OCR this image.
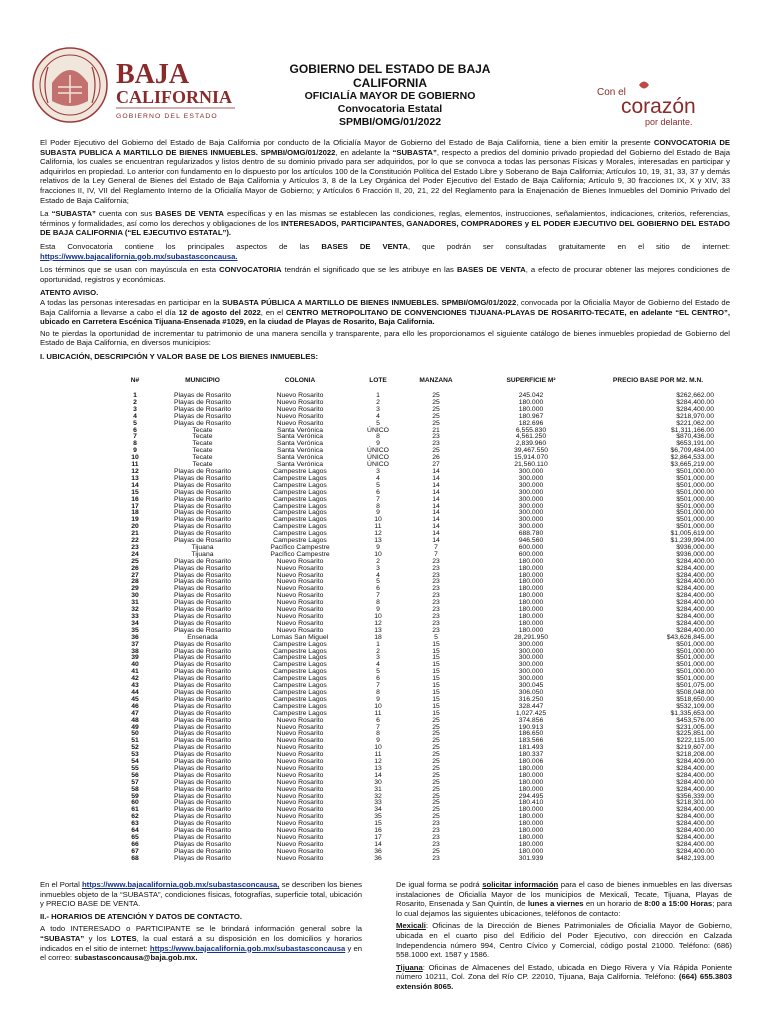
BAJA
CALIFORNIA
GOBIERNO DEL ESTADO
Con el
corazón
por delante.
GOBIERNO DEL ESTADO DE BAJA
CALIFORNIA
OFICIALÍA MAYOR DE GOBIERNO
Convocatoria Estatal
SPMBI/OMG/01/2022

El Poder Ejecutivo del Gobierno del Estado de Baja California por conducto de la Oficialía Mayor de Gobierno del Estado de Baja California, tiene a bien emitir la presente CONVOCATORIA DE SUBASTA PUBLICA A MARTILLO DE BIENES INMUEBLES. SPMBI/OMG/01/2022, en adelante la “SUBASTA”, respecto a predios del dominio privado propiedad del Gobierno del Estado de Baja California, los cuales se encuentran regularizados y listos dentro de su dominio privado para ser adquiridos, por lo que se convoca a todas las personas Físicas y Morales, interesadas en participar y adquirirlos en propiedad. Lo anterior con fundamento en lo dispuesto por los artículos 100 de la Constitución Política del Estado Libre y Soberano de Baja California; Artículos 10, 19, 31, 33, 37 y demás relativos de la Ley General de Bienes del Estado de Baja California y Artículos 3, 8 de la Ley Orgánica del Poder Ejecutivo del Estado de Baja California; Artículo 9, 30 fracciones IX, X y XIV, 33 fracciones II, IV, VII del Reglamento Interno de la Oficialía Mayor de Gobierno; y Artículos 6 Fracción II, 20, 21, 22 del Reglamento para la Enajenación de Bienes Inmuebles del Dominio Privado del Estado de Baja California;

La “SUBASTA” cuenta con sus BASES DE VENTA específicas y en las mismas se establecen las condiciones, reglas, elementos, instrucciones, señalamientos, indicaciones, criterios, referencias, términos y formalidades, así como los derechos y obligaciones de los INTERESADOS, PARTICIPANTES, GANADORES, COMPRADORES y EL PODER EJECUTIVO DEL GOBIERNO DEL ESTADO DE BAJA CALIFORNIA (“EL EJECUTIVO ESTATAL”).

Esta Convocatoria contiene los principales aspectos de las BASES DE VENTA, que podrán ser consultadas gratuitamente en el sitio de internet: https://www.bajacalifornia.gob.mx/subastasconcausa.

Los términos que se usan con mayúscula en esta CONVOCATORIA tendrán el significado que se les atribuye en las BASES DE VENTA, a efecto de procurar obtener las mejores condiciones de oportunidad, registros y económicas.

ATENTO AVISO.
A todas las personas interesadas en participar en la SUBASTA PÚBLICA A MARTILLO DE BIENES INMUEBLES. SPMBI/OMG/01/2022, convocada por la Oficialía Mayor de Gobierno del Estado de Baja California a llevarse a cabo el día 12 de agosto del 2022, en el CENTRO METROPOLITANO DE CONVENCIONES TIJUANA-PLAYAS DE ROSARITO-TECATE, en adelante “EL CENTRO”, ubicado en Carretera Escénica Tijuana-Ensenada #1029, en la ciudad de Playas de Rosarito, Baja California.

No te pierdas la oportunidad de incrementar tu patrimonio de una manera sencilla y transparente, para ello les proporcionamos el siguiente catálogo de bienes inmuebles propiedad de Gobierno del Estado de Baja California, en diversos municipios:

I. UBICACIÓN, DESCRIPCIÓN Y VALOR BASE DE LOS BIENES INMUEBLES:

N#	MUNICIPIO	COLONIA	LOTE	MANZANA	SUPERFICIE M²	PRECIO BASE POR M2. M.N.
1	Playas de Rosarito	Nuevo Rosarito	1	25	245.042	$262,662.00
2	Playas de Rosarito	Nuevo Rosarito	2	25	180.000	$284,400.00
3	Playas de Rosarito	Nuevo Rosarito	3	25	180.000	$284,400.00
4	Playas de Rosarito	Nuevo Rosarito	4	25	180.967	$218,970.00
5	Playas de Rosarito	Nuevo Rosarito	5	25	182.696	$221,062.00
6	Tecate	Santa Verónica	ÚNICO	21	6,555.830	$1,311,166.00
7	Tecate	Santa Verónica	8	23	4,561.250	$870,436.00
8	Tecate	Santa Verónica	9	23	2,839.960	$653,191.00
9	Tecate	Santa Verónica	ÚNICO	25	39,467.550	$6,709,484.00
10	Tecate	Santa Verónica	ÚNICO	26	15,914.070	$2,864,533.00
11	Tecate	Santa Verónica	ÚNICO	27	21,560.110	$3,665,219.00
12	Playas de Rosarito	Campestre Lagos	3	14	300.000	$501,000.00
13	Playas de Rosarito	Campestre Lagos	4	14	300.000	$501,000.00
14	Playas de Rosarito	Campestre Lagos	5	14	300.000	$501,000.00
15	Playas de Rosarito	Campestre Lagos	6	14	300.000	$501,000.00
16	Playas de Rosarito	Campestre Lagos	7	14	300.000	$501,000.00
17	Playas de Rosarito	Campestre Lagos	8	14	300.000	$501,000.00
18	Playas de Rosarito	Campestre Lagos	9	14	300.000	$501,000.00
19	Playas de Rosarito	Campestre Lagos	10	14	300.000	$501,000.00
20	Playas de Rosarito	Campestre Lagos	11	14	300.000	$501,000.00
21	Playas de Rosarito	Campestre Lagos	12	14	688.780	$1,005,619.00
22	Playas de Rosarito	Campestre Lagos	13	14	946.560	$1,239,994.00
23	Tijuana	Pacífico Campestre	9	7	600.000	$936,000.00
24	Tijuana	Pacífico Campestre	10	7	600.000	$936,000.00
25	Playas de Rosarito	Nuevo Rosarito	2	23	180.000	$284,400.00
26	Playas de Rosarito	Nuevo Rosarito	3	23	180.000	$284,400.00
27	Playas de Rosarito	Nuevo Rosarito	4	23	180.000	$284,400.00
28	Playas de Rosarito	Nuevo Rosarito	5	23	180.000	$284,400.00
29	Playas de Rosarito	Nuevo Rosarito	6	23	180.000	$284,400.00
30	Playas de Rosarito	Nuevo Rosarito	7	23	180.000	$284,400.00
31	Playas de Rosarito	Nuevo Rosarito	8	23	180.000	$284,400.00
32	Playas de Rosarito	Nuevo Rosarito	9	23	180.000	$284,400.00
33	Playas de Rosarito	Nuevo Rosarito	10	23	180.000	$284,400.00
34	Playas de Rosarito	Nuevo Rosarito	12	23	180.000	$284,400.00
35	Playas de Rosarito	Nuevo Rosarito	13	23	180.000	$284,400.00
36	Ensenada	Lomas San Miguel	18	5	28,291.950	$43,626,845.00
37	Playas de Rosarito	Campestre Lagos	1	15	300.000	$501,000.00
38	Playas de Rosarito	Campestre Lagos	2	15	300.000	$501,000.00
39	Playas de Rosarito	Campestre Lagos	3	15	300.000	$501,000.00
40	Playas de Rosarito	Campestre Lagos	4	15	300.000	$501,000.00
41	Playas de Rosarito	Campestre Lagos	5	15	300.000	$501,000.00
42	Playas de Rosarito	Campestre Lagos	6	15	300.000	$501,000.00
43	Playas de Rosarito	Campestre Lagos	7	15	300.045	$501,075.00
44	Playas de Rosarito	Campestre Lagos	8	15	306.050	$508,048.00
45	Playas de Rosarito	Campestre Lagos	9	15	316.250	$518,650.00
46	Playas de Rosarito	Campestre Lagos	10	15	328.447	$532,109.00
47	Playas de Rosarito	Campestre Lagos	11	15	1,027.425	$1,335,653.00
48	Playas de Rosarito	Nuevo Rosarito	6	25	374.856	$453,576.00
49	Playas de Rosarito	Nuevo Rosarito	7	25	190.913	$231,005.00
50	Playas de Rosarito	Nuevo Rosarito	8	25	186.650	$225,851.00
51	Playas de Rosarito	Nuevo Rosarito	9	25	183.566	$222,115.00
52	Playas de Rosarito	Nuevo Rosarito	10	25	181.493	$219,607.00
53	Playas de Rosarito	Nuevo Rosarito	11	25	180.337	$218,208.00
54	Playas de Rosarito	Nuevo Rosarito	12	25	180.006	$284,409.00
55	Playas de Rosarito	Nuevo Rosarito	13	25	180.000	$284,400.00
56	Playas de Rosarito	Nuevo Rosarito	14	25	180.000	$284,400.00
57	Playas de Rosarito	Nuevo Rosarito	30	25	180.000	$284,400.00
58	Playas de Rosarito	Nuevo Rosarito	31	25	180.000	$284,400.00
59	Playas de Rosarito	Nuevo Rosarito	32	25	294.495	$356,339.00
60	Playas de Rosarito	Nuevo Rosarito	33	25	180.410	$218,301.00
61	Playas de Rosarito	Nuevo Rosarito	34	25	180.000	$284,400.00
62	Playas de Rosarito	Nuevo Rosarito	35	25	180.000	$284,400.00
63	Playas de Rosarito	Nuevo Rosarito	15	23	180.000	$284,400.00
64	Playas de Rosarito	Nuevo Rosarito	16	23	180.000	$284,400.00
65	Playas de Rosarito	Nuevo Rosarito	17	23	180.000	$284,400.00
66	Playas de Rosarito	Nuevo Rosarito	14	23	180.000	$284,400.00
67	Playas de Rosarito	Nuevo Rosarito	36	25	180.000	$284,400.00
68	Playas de Rosarito	Nuevo Rosarito	36	23	301.939	$482,193.00

En el Portal https://www.bajacalifornia.gob.mx/subastasconcausa, se describen los bienes inmuebles objeto de la “SUBASTA”, condiciones físicas, fotografías, superficie total, ubicación y PRECIO BASE DE VENTA.

II.- HORARIOS DE ATENCIÓN Y DATOS DE CONTACTO.

A todo INTERESADO o PARTICIPANTE se le brindará información general sobre la “SUBASTA” y los LOTES, la cual estará a su disposición en los domicilios y horarios indicados en el sitio de internet: https://www.bajacalifornia.gob.mx/subastasconcausa y en el correo: subastasconcausa@baja.gob.mx.

De igual forma se podrá solicitar información para el caso de bienes inmuebles en las diversas instalaciones de Oficialía Mayor de los municipios de Mexicali, Tecate, Tijuana, Playas de Rosarito, Ensenada y San Quintín, de lunes a viernes en un horario de 8:00 a 15:00 Horas; para lo cual dejamos las siguientes ubicaciones, teléfonos de contacto:

Mexicali: Oficinas de la Dirección de Bienes Patrimoniales de Oficialía Mayor de Gobierno, ubicada en el cuarto piso del Edificio del Poder Ejecutivo, con dirección en Calzada Independencia número 994, Centro Cívico y Comercial, código postal 21000. Teléfono: (686) 558.1000 ext. 1587 y 1586.

Tijuana: Oficinas de Almacenes del Estado, ubicada en Diego Rivera y Vía Rápida Poniente número 10211, Col. Zona del Río CP. 22010, Tijuana, Baja California. Teléfono: (664) 655.3803 extensión 8065.
